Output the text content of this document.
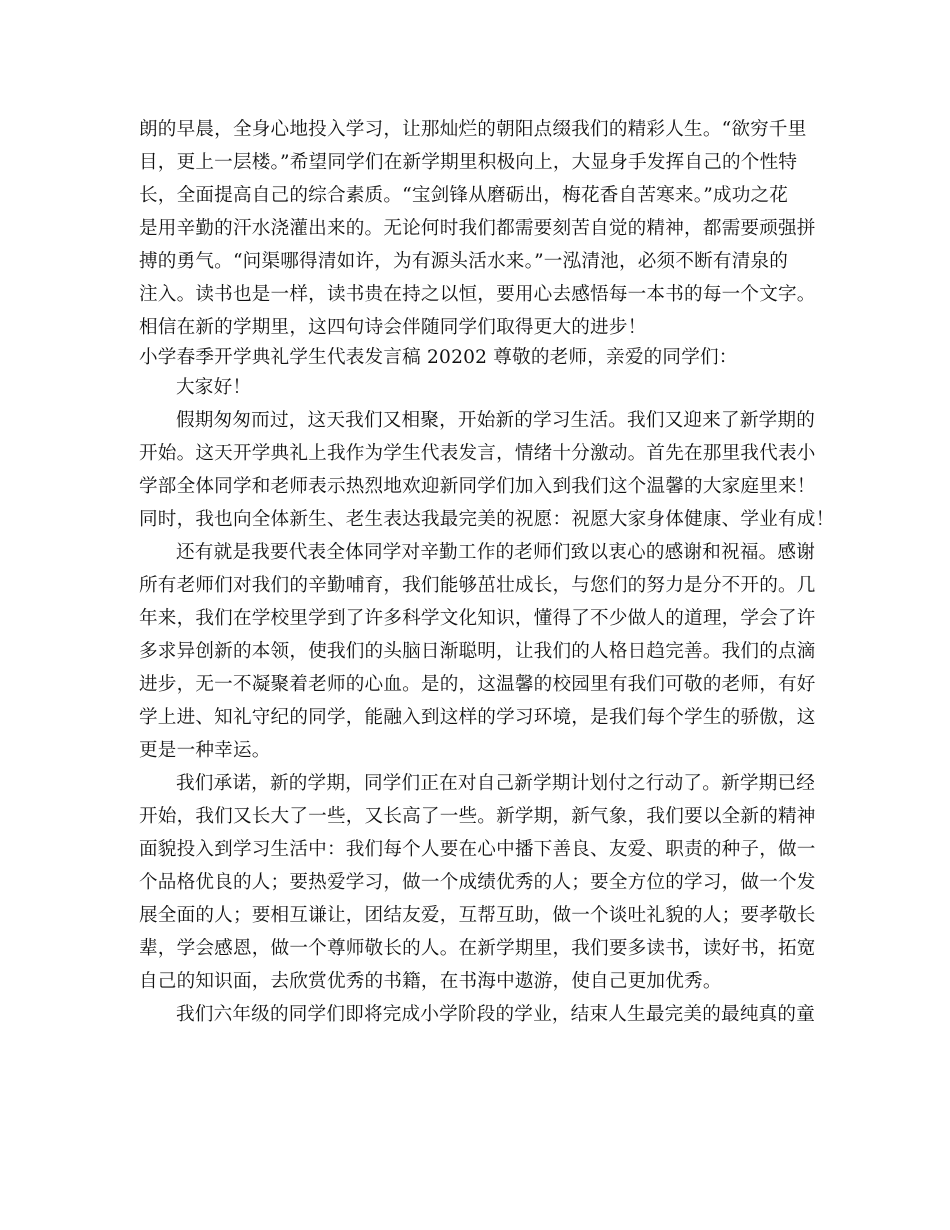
朗的早晨，全身心地投入学习，让那灿烂的朝阳点缀我们的精彩人生。“欲穷千里
目，更上一层楼。”希望同学们在新学期里积极向上，大显身手发挥自己的个性特
长，全面提高自己的综合素质。“宝剑锋从磨砺出，梅花香自苦寒来。”成功之花
是用辛勤的汗水浇灌出来的。无论何时我们都需要刻苦自觉的精神，都需要顽强拼
搏的勇气。“问渠哪得清如许，为有源头活水来。”一泓清池，必须不断有清泉的
注入。读书也是一样，读书贵在持之以恒，要用心去感悟每一本书的每一个文字。
相信在新的学期里，这四句诗会伴随同学们取得更大的进步！
小学春季开学典礼学生代表发言稿 20202 尊敬的老师，亲爱的同学们：
大家好！
假期匆匆而过，这天我们又相聚，开始新的学习生活。我们又迎来了新学期的
开始。这天开学典礼上我作为学生代表发言，情绪十分激动。首先在那里我代表小
学部全体同学和老师表示热烈地欢迎新同学们加入到我们这个温馨的大家庭里来！
同时，我也向全体新生、老生表达我最完美的祝愿：祝愿大家身体健康、学业有成！
还有就是我要代表全体同学对辛勤工作的老师们致以衷心的感谢和祝福。感谢
所有老师们对我们的辛勤哺育，我们能够茁壮成长，与您们的努力是分不开的。几
年来，我们在学校里学到了许多科学文化知识，懂得了不少做人的道理，学会了许
多求异创新的本领，使我们的头脑日渐聪明，让我们的人格日趋完善。我们的点滴
进步，无一不凝聚着老师的心血。是的，这温馨的校园里有我们可敬的老师，有好
学上进、知礼守纪的同学，能融入到这样的学习环境，是我们每个学生的骄傲，这
更是一种幸运。
我们承诺，新的学期，同学们正在对自己新学期计划付之行动了。新学期已经
开始，我们又长大了一些，又长高了一些。新学期，新气象，我们要以全新的精神
面貌投入到学习生活中：我们每个人要在心中播下善良、友爱、职责的种子，做一
个品格优良的人；要热爱学习，做一个成绩优秀的人；要全方位的学习，做一个发
展全面的人；要相互谦让，团结友爱，互帮互助，做一个谈吐礼貌的人；要孝敬长
辈，学会感恩，做一个尊师敬长的人。在新学期里，我们要多读书，读好书，拓宽
自己的知识面，去欣赏优秀的书籍，在书海中遨游，使自己更加优秀。
我们六年级的同学们即将完成小学阶段的学业，结束人生最完美的最纯真的童
